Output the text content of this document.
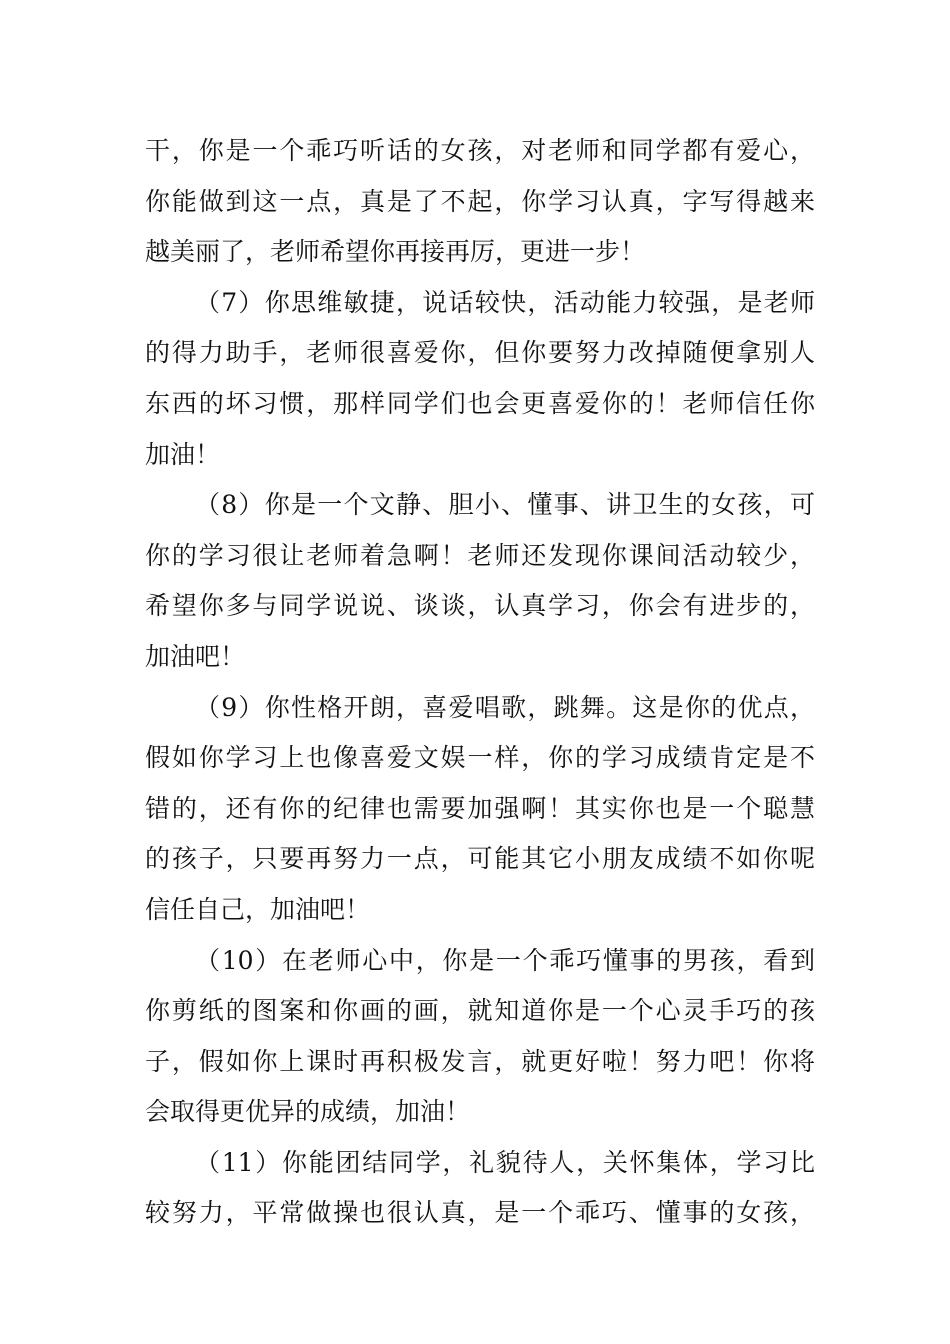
干，你是一个乖巧听话的女孩，对老师和同学都有爱心，
你能做到这一点，真是了不起，你学习认真，字写得越来
越美丽了，老师希望你再接再厉，更进一步！
（7）你思维敏捷，说话较快，活动能力较强，是老师
的得力助手，老师很喜爱你，但你要努力改掉随便拿别人
东西的坏习惯，那样同学们也会更喜爱你的！老师信任你
加油！
（8）你是一个文静、胆小、懂事、讲卫生的女孩，可
你的学习很让老师着急啊！老师还发现你课间活动较少，
希望你多与同学说说、谈谈，认真学习，你会有进步的，
加油吧！
（9）你性格开朗，喜爱唱歌，跳舞。这是你的优点，
假如你学习上也像喜爱文娱一样，你的学习成绩肯定是不
错的，还有你的纪律也需要加强啊！其实你也是一个聪慧
的孩子，只要再努力一点，可能其它小朋友成绩不如你呢
信任自己，加油吧！
（10）在老师心中，你是一个乖巧懂事的男孩，看到
你剪纸的图案和你画的画，就知道你是一个心灵手巧的孩
子，假如你上课时再积极发言，就更好啦！努力吧！你将
会取得更优异的成绩，加油！
（11）你能团结同学，礼貌待人，关怀集体，学习比
较努力，平常做操也很认真，是一个乖巧、懂事的女孩，
